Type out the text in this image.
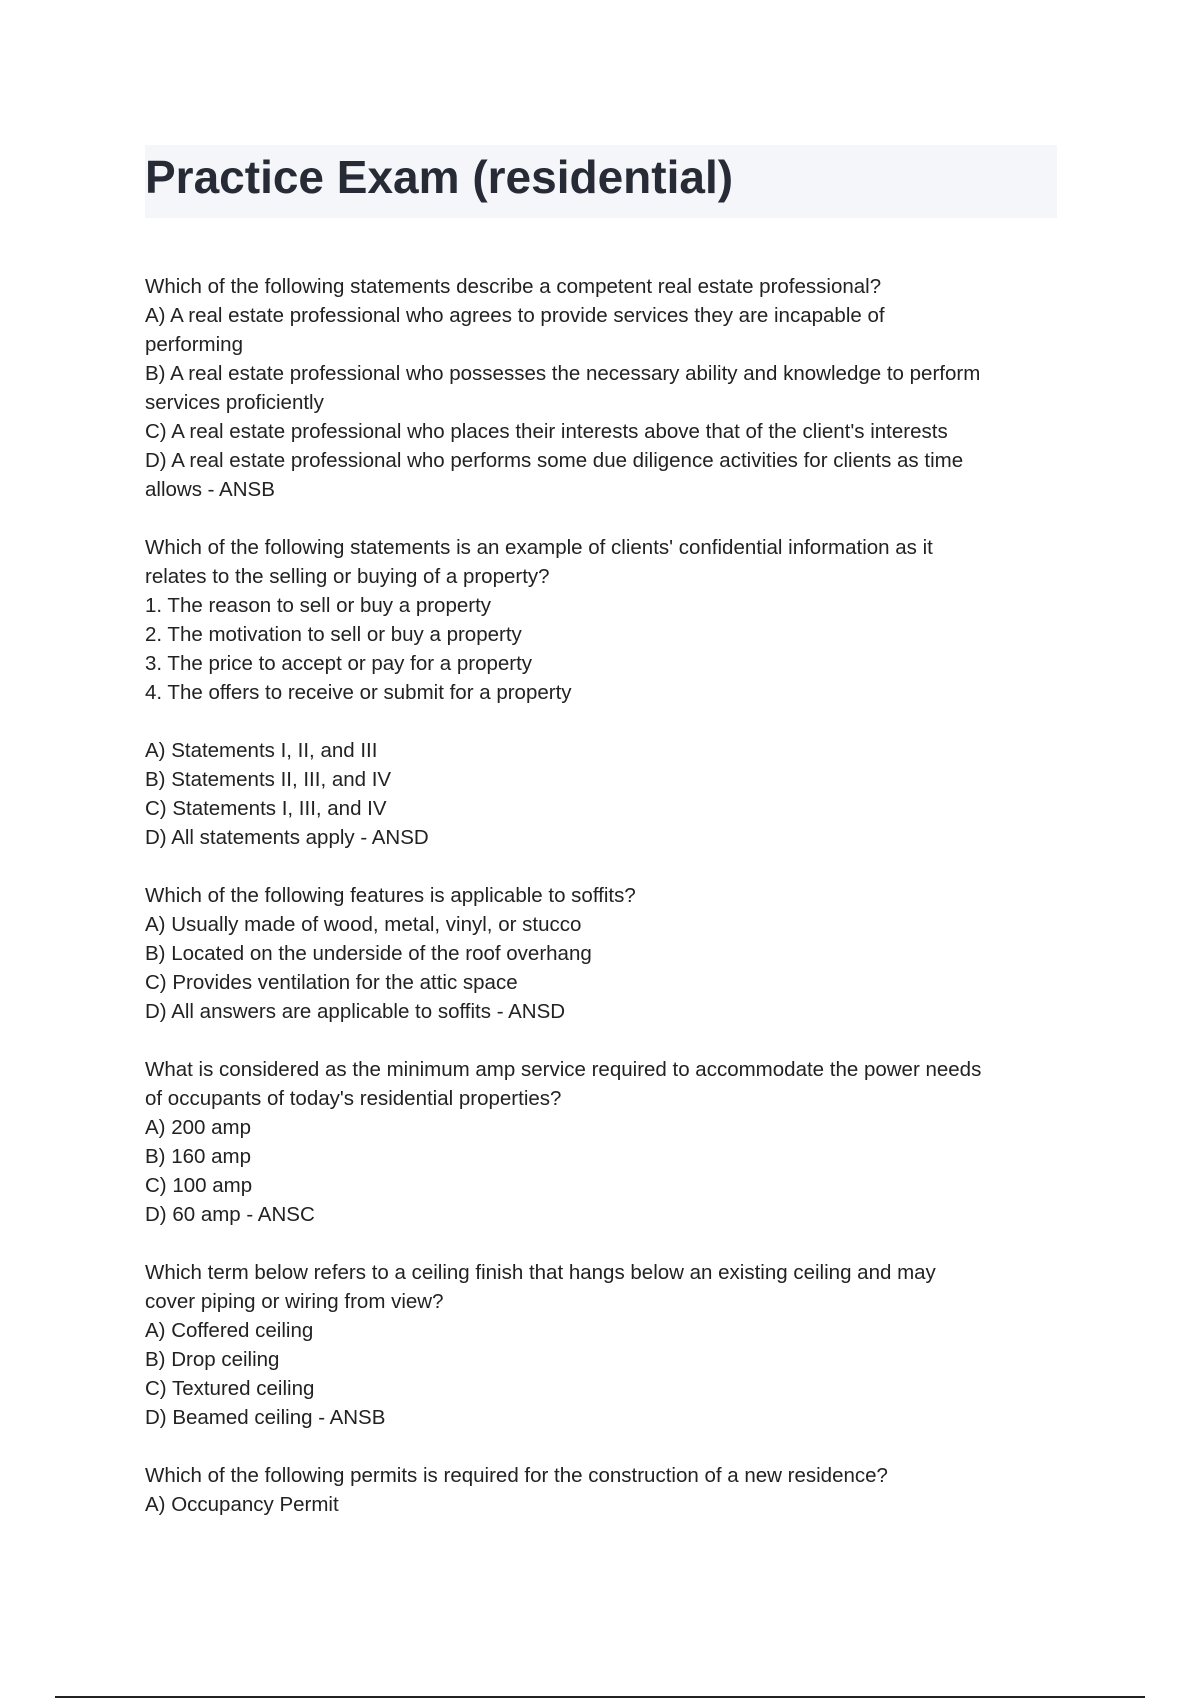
Practice Exam (residential)

Which of the following statements describe a competent real estate professional?

A) A real estate professional who agrees to provide services they are incapable of

performing

B) A real estate professional who possesses the necessary ability and knowledge to perform

services proficiently

C) A real estate professional who places their interests above that of the client's interests

D) A real estate professional who performs some due diligence activities for clients as time

allows - ANSB

Which of the following statements is an example of clients' confidential information as it

relates to the selling or buying of a property?

1. The reason to sell or buy a property

2. The motivation to sell or buy a property

3. The price to accept or pay for a property

4. The offers to receive or submit for a property

A) Statements I, II, and III

B) Statements II, III, and IV

C) Statements I, III, and IV

D) All statements apply - ANSD

Which of the following features is applicable to soffits?

A) Usually made of wood, metal, vinyl, or stucco

B) Located on the underside of the roof overhang

C) Provides ventilation for the attic space

D) All answers are applicable to soffits - ANSD

What is considered as the minimum amp service required to accommodate the power needs

of occupants of today's residential properties?

A) 200 amp

B) 160 amp

C) 100 amp

D) 60 amp - ANSC

Which term below refers to a ceiling finish that hangs below an existing ceiling and may

cover piping or wiring from view?

A) Coffered ceiling

B) Drop ceiling

C) Textured ceiling

D) Beamed ceiling - ANSB

Which of the following permits is required for the construction of a new residence?

A) Occupancy Permit
